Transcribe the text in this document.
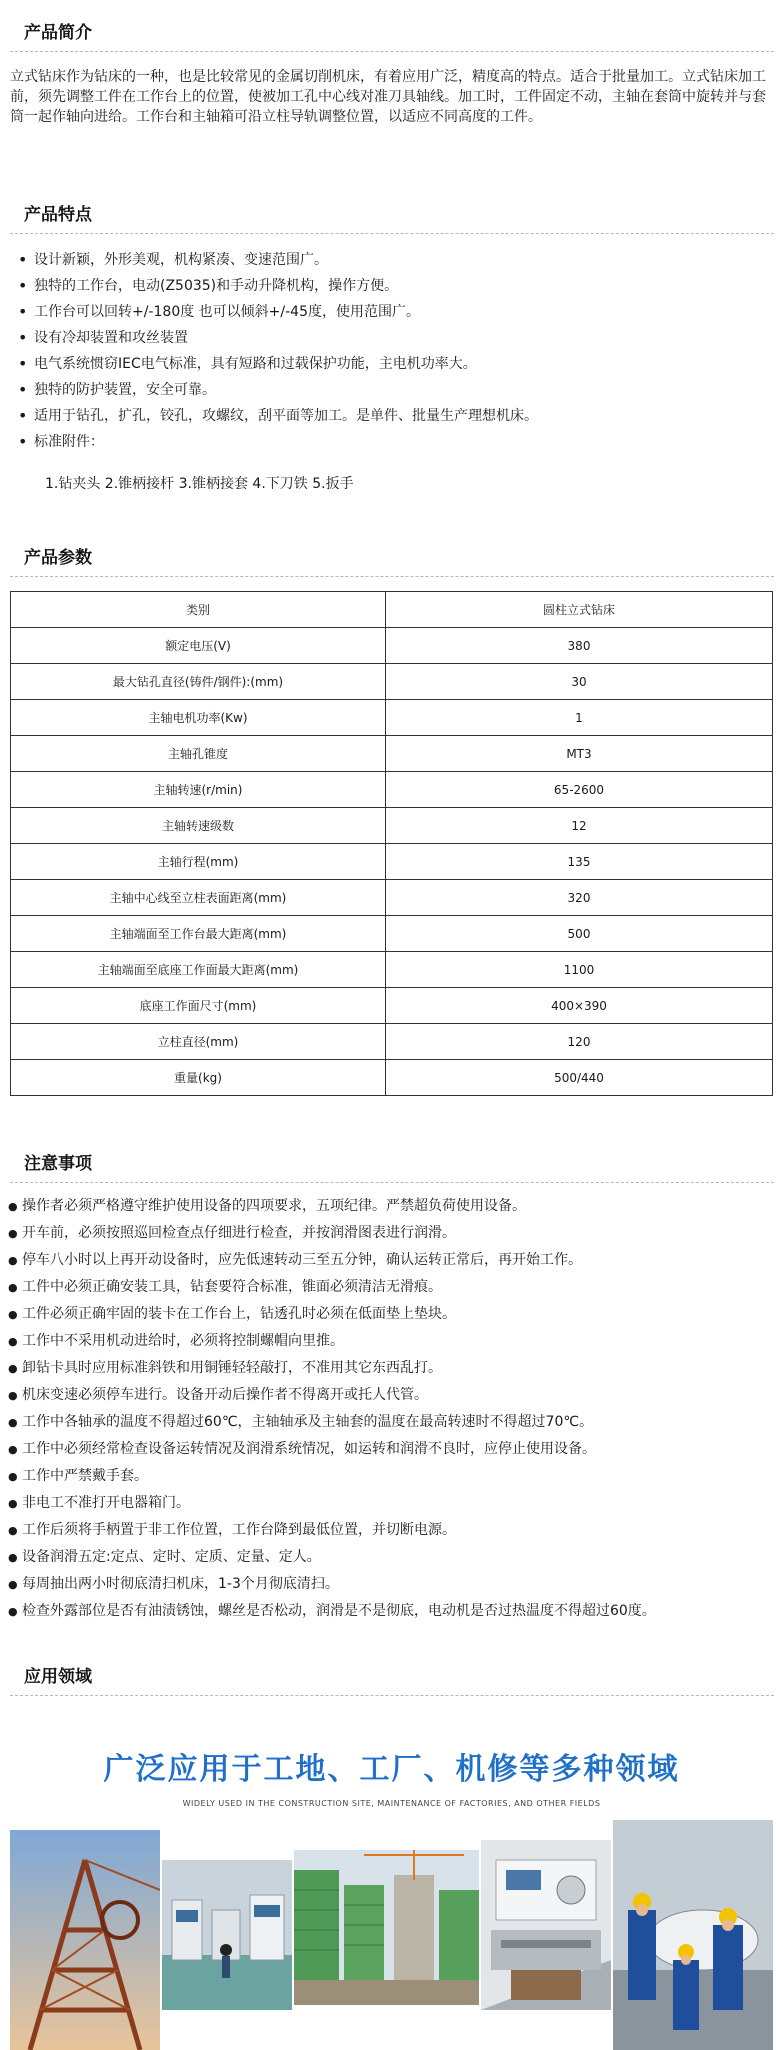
产品简介

立式钻床作为钻床的一种，也是比较常见的金属切削机床，有着应用广泛，精度高的特点。适合于批量加工。立式钻床加工前，须先调整工件在工作台上的位置，使被加工孔中心线对准刀具轴线。加工时，工件固定不动，主轴在套筒中旋转并与套筒一起作轴向进给。工作台和主轴箱可沿立柱导轨调整位置，以适应不同高度的工件。

产品特点
• 设计新颖，外形美观，机构紧凑、变速范围广。
• 独特的工作台，电动(Z5035)和手动升降机构，操作方便。
• 工作台可以回转+/-180度 也可以倾斜+/-45度，使用范围广。
• 设有冷却装置和攻丝装置
• 电气系统惯窃IEC电气标准，具有短路和过载保护功能，主电机功率大。
• 独特的防护装置，安全可靠。
• 适用于钻孔，扩孔，铰孔，攻螺纹，刮平面等加工。是单件、批量生产理想机床。
• 标准附件：
1.钻夹头 2.锥柄接杆 3.锥柄接套 4.下刀铁 5.扳手
产品参数
类别	圆柱立式钻床
额定电压(V)	380
最大钻孔直径(铸件/钢件):(mm)	30
主轴电机功率(Kw)	1
主轴孔锥度	MT3
主轴转速(r/min)	65-2600
主轴转速级数	12
主轴行程(mm)	135
主轴中心线至立柱表面距离(mm)	320
主轴端面至工作台最大距离(mm)	500
主轴端面至底座工作面最大距离(mm)	1100
底座工作面尺寸(mm)	400×390
立柱直径(mm)	120
重量(kg)	500/440
注意事项
● 操作者必须严格遵守维护使用设备的四项要求，五项纪律。严禁超负荷使用设备。
● 开车前，必须按照巡回检查点仔细进行检查，并按润滑图表进行润滑。
● 停车八小时以上再开动设备时，应先低速转动三至五分钟，确认运转正常后，再开始工作。
● 工件中必须正确安装工具，钻套要符合标准，锥面必须清洁无滑痕。
● 工件必须正确牢固的装卡在工作台上，钻透孔时必须在低面垫上垫块。
● 工作中不采用机动进给时，必须将控制螺帽向里推。
● 卸钻卡具时应用标准斜铁和用铜锤轻轻敲打，不准用其它东西乱打。
● 机床变速必须停车进行。设备开动后操作者不得离开或托人代管。
● 工作中各轴承的温度不得超过60℃，主轴轴承及主轴套的温度在最高转速时不得超过70℃。
● 工作中必须经常检查设备运转情况及润滑系统情况，如运转和润滑不良时，应停止使用设备。
● 工作中严禁戴手套。
● 非电工不准打开电器箱门。
● 工作后须将手柄置于非工作位置，工作台降到最低位置，并切断电源。
● 设备润滑五定:定点、定时、定质、定量、定人。
● 每周抽出两小时彻底清扫机床，1-3个月彻底清扫。
● 检查外露部位是否有油渍锈蚀，螺丝是否松动，润滑是不是彻底，电动机是否过热温度不得超过60度。
应用领域
广泛应用于工地、工厂、机修等多种领域
WIDELY USED IN THE CONSTRUCTION SITE, MAINTENANCE OF FACTORIES, AND OTHER FIELDS
